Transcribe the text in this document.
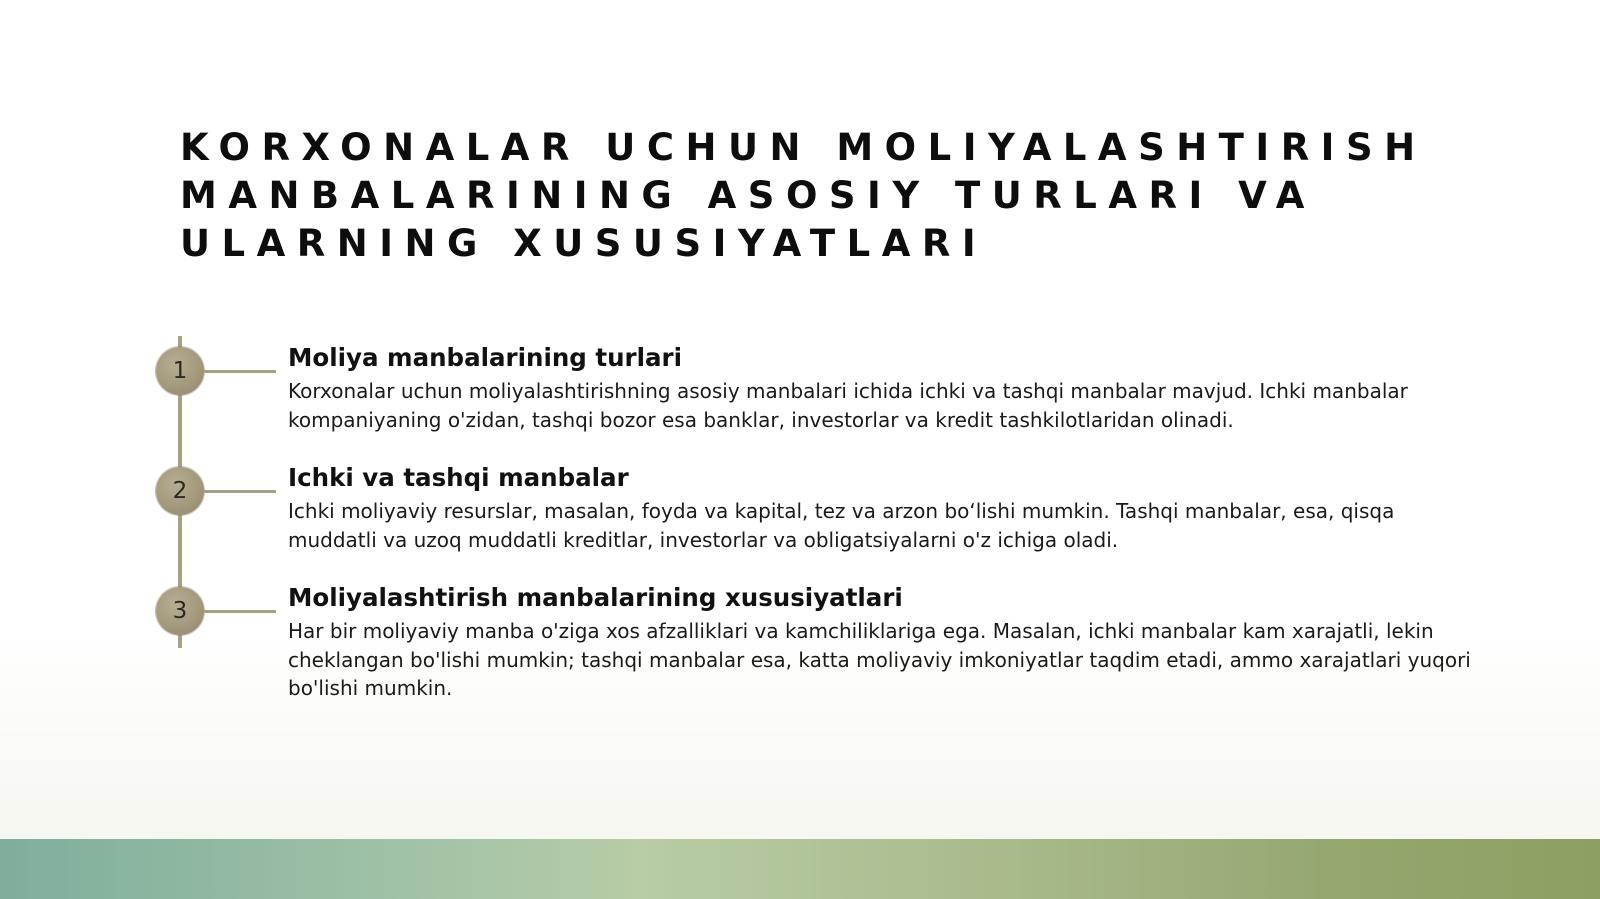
KORXONALAR UCHUN MOLIYALASHTIRISH MANBALARINING ASOSIY TURLARI VA ULARNING XUSUSIYATLARI
1	Moliya manbalarining turlari

Korxonalar uchun moliyalashtirishning asosiy manbalari ichida ichki va tashqi manbalar mavjud. Ichki manbalar kompaniyaning o'zidan, tashqi bozor esa banklar, investorlar va kredit tashkilotlaridan olinadi.

2	Ichki va tashqi manbalar

Ichki moliyaviy resurslar, masalan, foyda va kapital, tez va arzon bo‘lishi mumkin. Tashqi manbalar, esa, qisqa muddatli va uzoq muddatli kreditlar, investorlar va obligatsiyalarni o'z ichiga oladi.

3	Moliyalashtirish manbalarining xususiyatlari

Har bir moliyaviy manba o'ziga xos afzalliklari va kamchiliklariga ega. Masalan, ichki manbalar kam xarajatli, lekin cheklangan bo'lishi mumkin; tashqi manbalar esa, katta moliyaviy imkoniyatlar taqdim etadi, ammo xarajatlari yuqori bo'lishi mumkin.
